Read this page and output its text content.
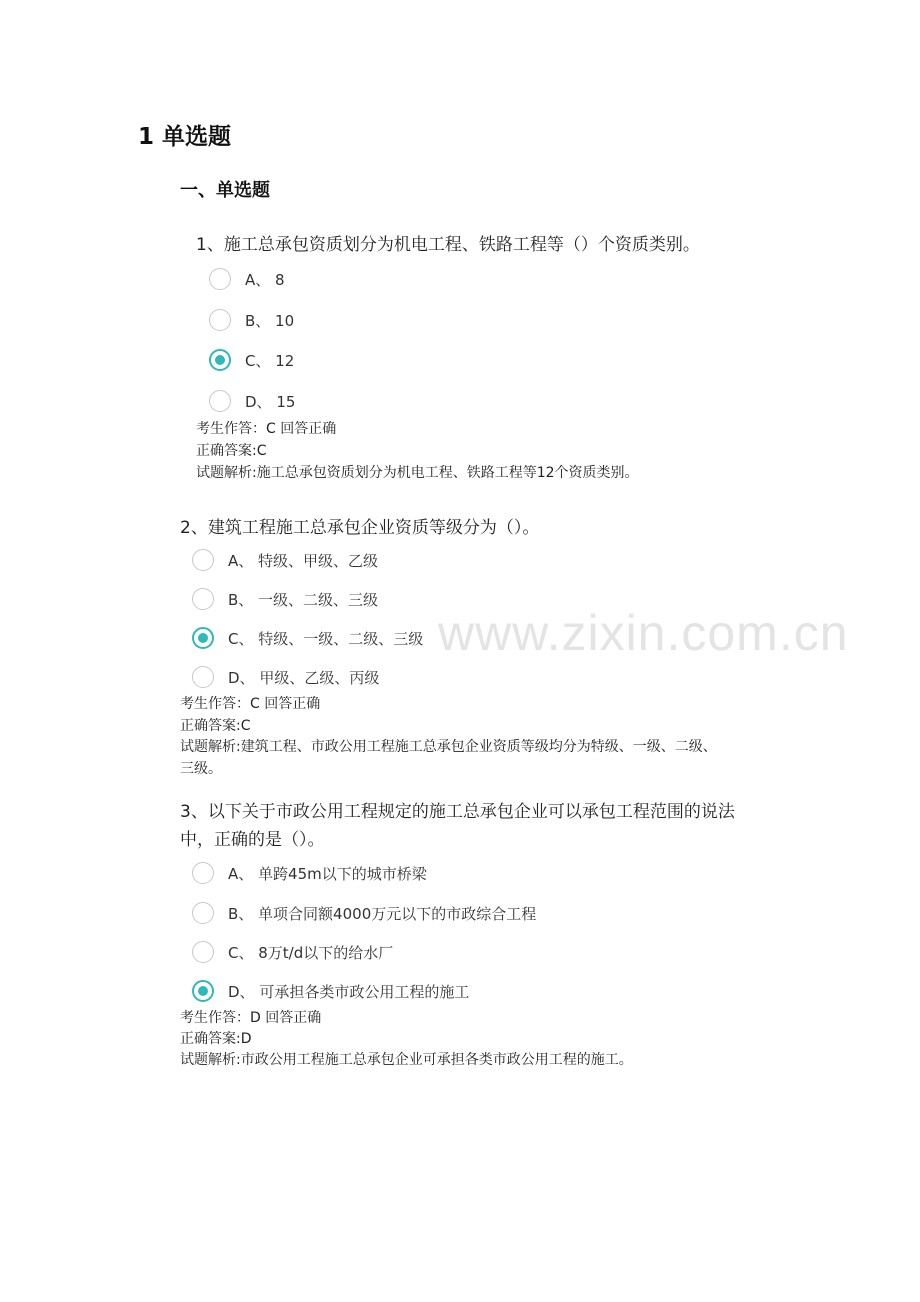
www.zixin.com.cn
1 单选题
一、单选题
1、施工总承包资质划分为机电工程、铁路工程等（）个资质类别。
A、 8
B、 10
C、 12
D、 15
考生作答：C 回答正确
正确答案:C
试题解析:施工总承包资质划分为机电工程、铁路工程等12个资质类别。
2、建筑工程施工总承包企业资质等级分为（）。
A、 特级、甲级、乙级
B、 一级、二级、三级
C、 特级、一级、二级、三级
D、 甲级、乙级、丙级
考生作答：C 回答正确
正确答案:C
试题解析:建筑工程、市政公用工程施工总承包企业资质等级均分为特级、一级、二级、
三级。
3、以下关于市政公用工程规定的施工总承包企业可以承包工程范围的说法
中，正确的是（）。
A、 单跨45m以下的城市桥梁
B、 单项合同额4000万元以下的市政综合工程
C、 8万t/d以下的给水厂
D、 可承担各类市政公用工程的施工
考生作答：D 回答正确
正确答案:D
试题解析:市政公用工程施工总承包企业可承担各类市政公用工程的施工。
